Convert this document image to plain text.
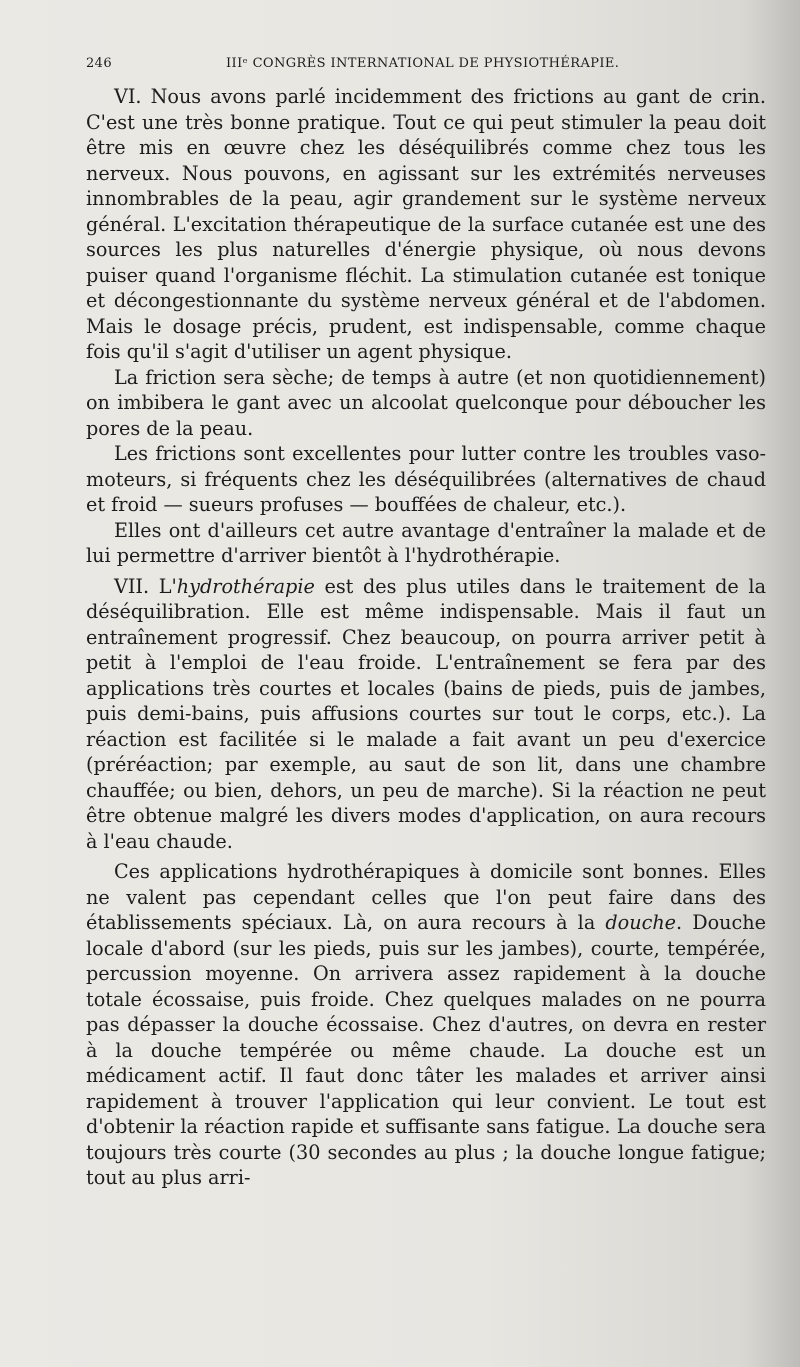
246	IIIᵉ CONGRÈS INTERNATIONAL DE PHYSIOTHÉRAPIE.

VI. Nous avons parlé incidemment des frictions au gant de crin. C'est une très bonne pratique. Tout ce qui peut stimuler la peau doit être mis en œuvre chez les déséquilibrés comme chez tous les nerveux. Nous pouvons, en agissant sur les extrémités nerveuses innombrables de la peau, agir grandement sur le système nerveux général. L'excitation thérapeutique de la surface cutanée est une des sources les plus naturelles d'énergie physique, où nous devons puiser quand l'organisme fléchit. La stimulation cutanée est tonique et décongestionnante du système nerveux général et de l'abdomen. Mais le dosage précis, prudent, est indispensable, comme chaque fois qu'il s'agit d'utiliser un agent physique.

La friction sera sèche; de temps à autre (et non quotidiennement) on imbibera le gant avec un alcoolat quelconque pour déboucher les pores de la peau.

Les frictions sont excellentes pour lutter contre les troubles vaso-moteurs, si fréquents chez les déséquilibrées (alternatives de chaud et froid — sueurs profuses — bouffées de chaleur, etc.).

Elles ont d'ailleurs cet autre avantage d'entraîner la malade et de lui permettre d'arriver bientôt à l'hydrothérapie.

VII. L'hydrothérapie est des plus utiles dans le traitement de la déséquilibration. Elle est même indispensable. Mais il faut un entraînement progressif. Chez beaucoup, on pourra arriver petit à petit à l'emploi de l'eau froide. L'entraînement se fera par des applications très courtes et locales (bains de pieds, puis de jambes, puis demi-bains, puis affusions courtes sur tout le corps, etc.). La réaction est facilitée si le malade a fait avant un peu d'exercice (préréaction; par exemple, au saut de son lit, dans une chambre chauffée; ou bien, dehors, un peu de marche). Si la réaction ne peut être obtenue malgré les divers modes d'application, on aura recours à l'eau chaude.

Ces applications hydrothérapiques à domicile sont bonnes. Elles ne valent pas cependant celles que l'on peut faire dans des établissements spéciaux. Là, on aura recours à la douche. Douche locale d'abord (sur les pieds, puis sur les jambes), courte, tempérée, percussion moyenne. On arrivera assez rapidement à la douche totale écossaise, puis froide. Chez quelques malades on ne pourra pas dépasser la douche écossaise. Chez d'autres, on devra en rester à la douche tempérée ou même chaude. La douche est un médicament actif. Il faut donc tâter les malades et arriver ainsi rapidement à trouver l'application qui leur convient. Le tout est d'obtenir la réaction rapide et suffisante sans fatigue. La douche sera toujours très courte (30 secondes au plus ; la douche longue fatigue; tout au plus arri-
